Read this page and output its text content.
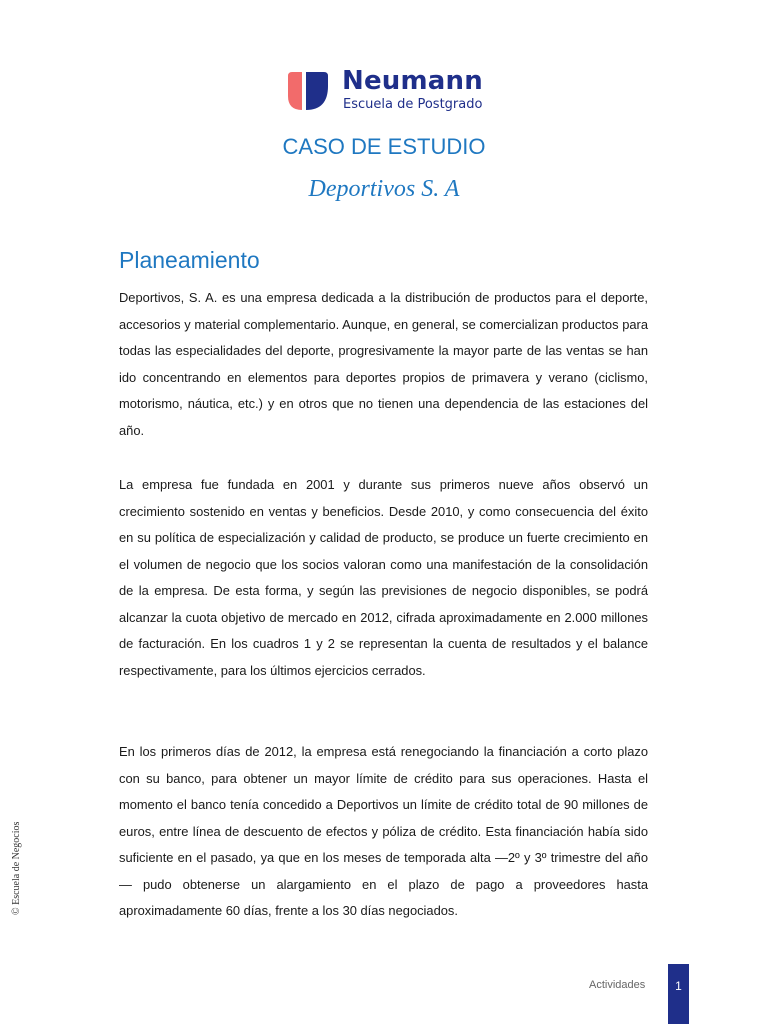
Neumann
Escuela de Postgrado
CASO DE ESTUDIO
Deportivos S. A
Planeamiento

Deportivos, S. A. es una empresa dedicada a la distribución de productos para el deporte, accesorios y material complementario. Aunque, en general, se comercializan productos para todas las especialidades del deporte, progresivamente la mayor parte de las ventas se han ido concentrando en elementos para deportes propios de primavera y verano (ciclismo, motorismo, náutica, etc.) y en otros que no tienen una dependencia de las estaciones del año.

La empresa fue fundada en 2001 y durante sus primeros nueve años observó un crecimiento sostenido en ventas y beneficios. Desde 2010, y como consecuencia del éxito en su política de especialización y calidad de producto, se produce un fuerte crecimiento en el volumen de negocio que los socios valoran como una manifestación de la consolidación de la empresa. De esta forma, y según las previsiones de negocio disponibles, se podrá alcanzar la cuota objetivo de mercado en 2012, cifrada aproximadamente en 2.000 millones de facturación. En los cuadros 1 y 2 se representan la cuenta de resultados y el balance respectivamente, para los últimos ejercicios cerrados.

En los primeros días de 2012, la empresa está renegociando la financiación a corto plazo con su banco, para obtener un mayor límite de crédito para sus operaciones. Hasta el momento el banco tenía concedido a Deportivos un límite de crédito total de 90 millones de euros, entre línea de descuento de efectos y póliza de crédito. Esta financiación había sido suficiente en el pasado, ya que en los meses de temporada alta —2º y 3º trimestre del año— pudo obtenerse un alargamiento en el plazo de pago a proveedores hasta aproximadamente 60 días, frente a los 30 días negociados.

© Escuela de Negocios
Actividades	1
